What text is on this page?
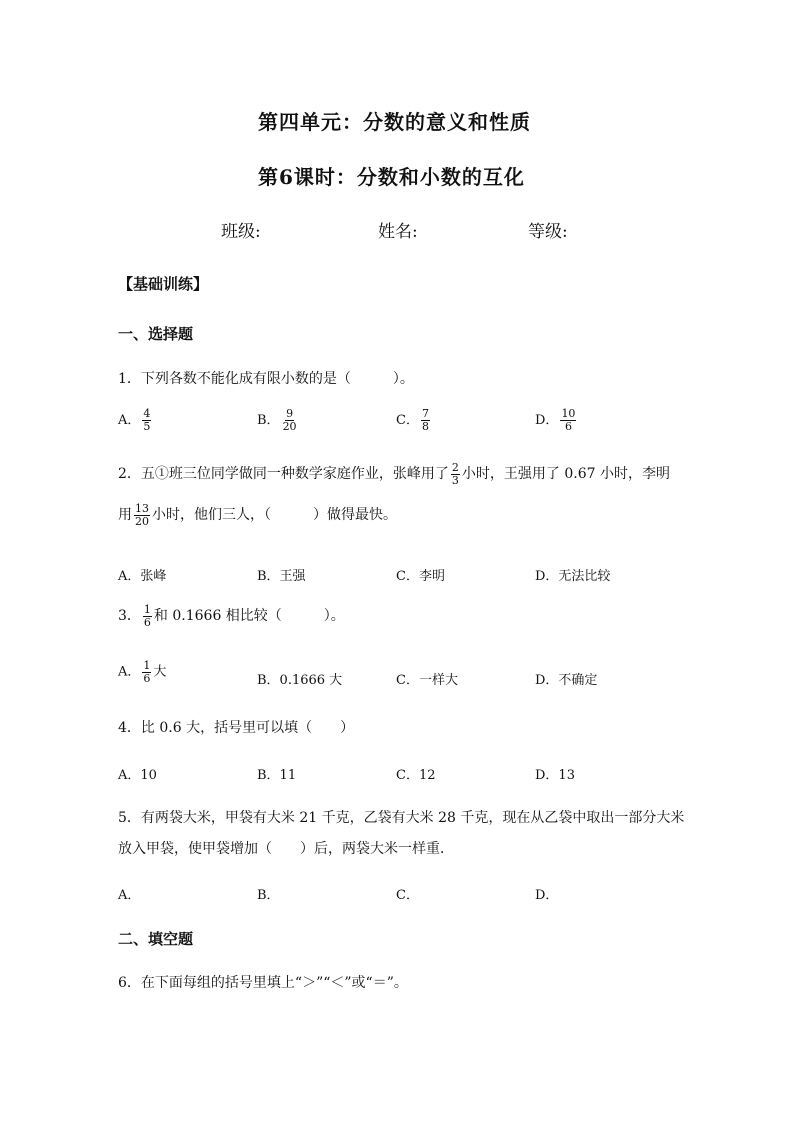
第四单元：分数的意义和性质
第6课时：分数和小数的互化
班级:	姓名:	等级:
【基础训练】
一、选择题
1．下列各数不能化成有限小数的是（　　　）。
A． $\frac{4}{5}$	B． $\frac{9}{20}$	C． $\frac{7}{8}$	D． $\frac{10}{6}$
2．五①班三位同学做同一种数学家庭作业，张峰用了 $\frac{2}{3}$ 小时，王强用了 0.67 小时，李明
用 $\frac{13}{20}$ 小时，他们三人，（　　　）做得最快。
A．张峰	B．王强	C．李明	D．无法比较
3． $\frac{1}{6}$ 和 0.1666 相比较（　　　）。
A． $\frac{1}{6}$ 大
B．0.1666 大	C．一样大	D．不确定
4．比 0.6 大，括号里可以填（　　）
A．10	B．11	C．12	D．13
5．有两袋大米，甲袋有大米 21 千克，乙袋有大米 28 千克，现在从乙袋中取出一部分大米
放入甲袋，使甲袋增加（　　）后，两袋大米一样重．
A．	B．	C．	D．
二、填空题
6．在下面每组的括号里填上“＞”“＜”或“＝”。
